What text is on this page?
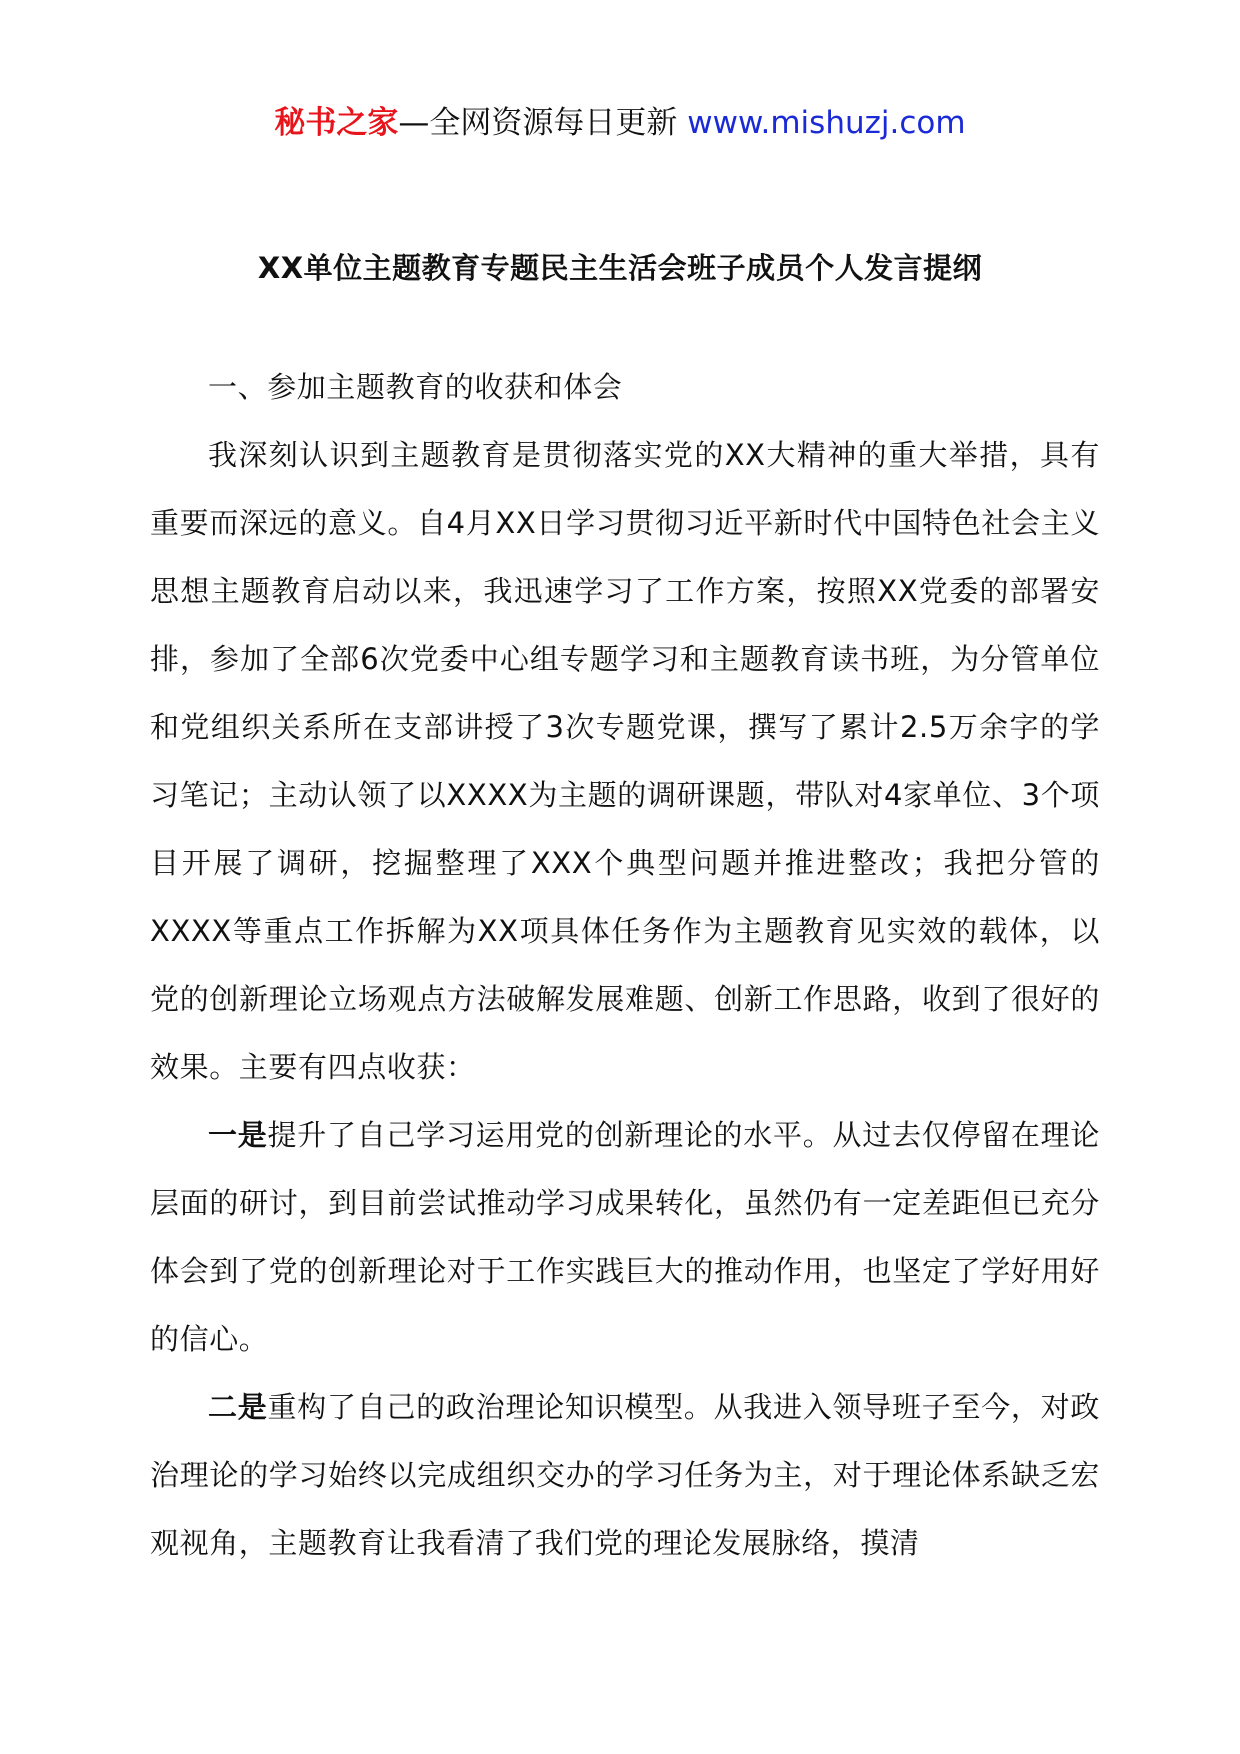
秘书之家—全网资源每日更新 www.mishuzj.com
XX单位主题教育专题民主生活会班子成员个人发言提纲

一、参加主题教育的收获和体会

我深刻认识到主题教育是贯彻落实党的XX大精神的重大举措，具有重要而深远的意义。自4月XX日学习贯彻习近平新时代中国特色社会主义思想主题教育启动以来，我迅速学习了工作方案，按照XX党委的部署安排，参加了全部6次党委中心组专题学习和主题教育读书班，为分管单位和党组织关系所在支部讲授了3次专题党课，撰写了累计2.5万余字的学习笔记；主动认领了以XXXX为主题的调研课题，带队对4家单位、3个项目开展了调研，挖掘整理了XXX个典型问题并推进整改；我把分管的XXXX等重点工作拆解为XX项具体任务作为主题教育见实效的载体，以党的创新理论立场观点方法破解发展难题、创新工作思路，收到了很好的效果。主要有四点收获：

一是提升了自己学习运用党的创新理论的水平。从过去仅停留在理论层面的研讨，到目前尝试推动学习成果转化，虽然仍有一定差距但已充分体会到了党的创新理论对于工作实践巨大的推动作用，也坚定了学好用好的信心。

二是重构了自己的政治理论知识模型。从我进入领导班子至今，对政治理论的学习始终以完成组织交办的学习任务为主，对于理论体系缺乏宏观视角，主题教育让我看清了我们党的理论发展脉络，摸清
